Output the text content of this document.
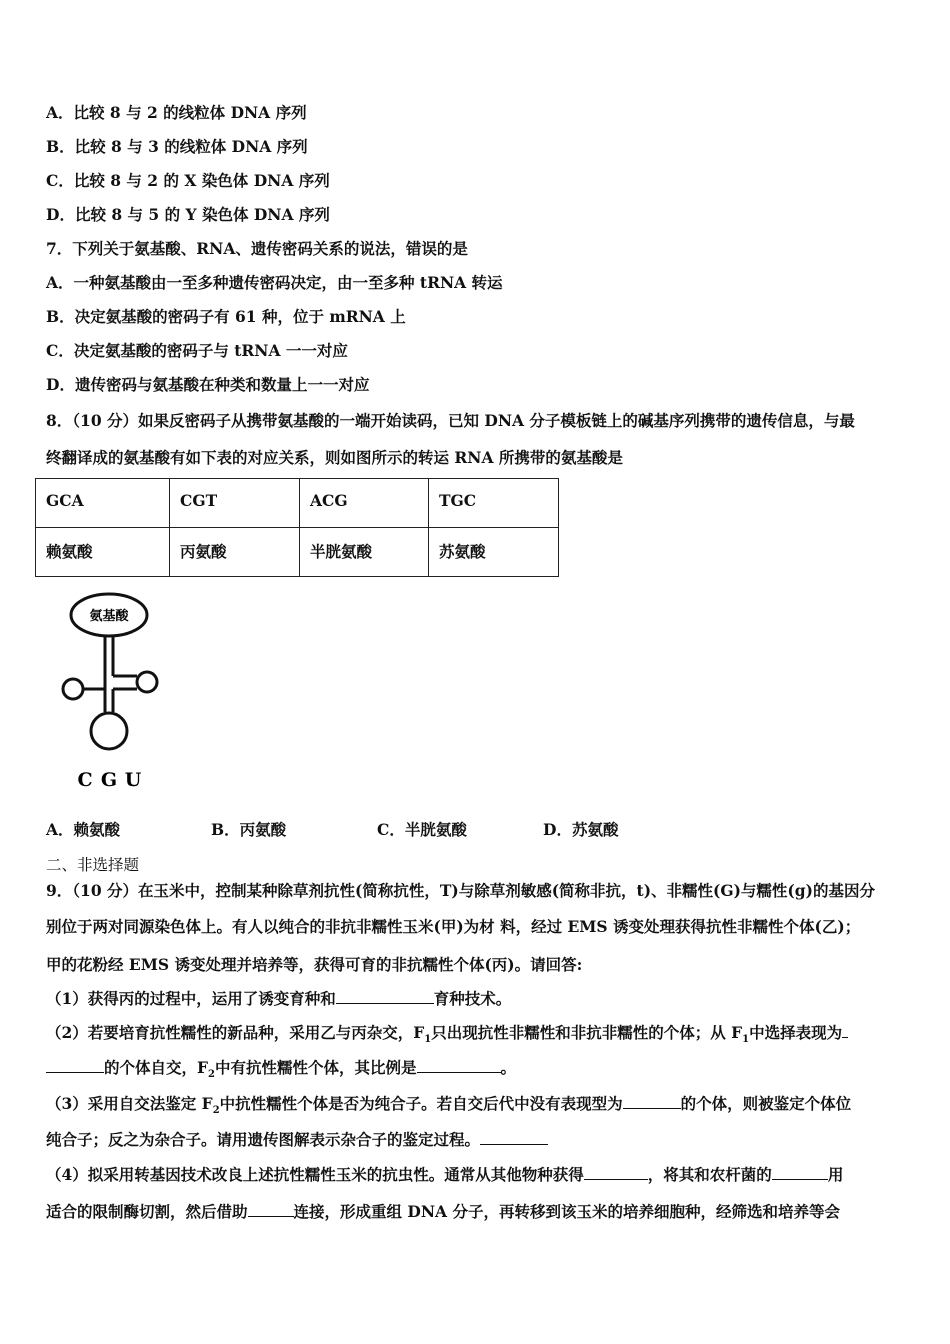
A．比较 8 与 2 的线粒体 DNA 序列
B．比较 8 与 3 的线粒体 DNA 序列
C．比较 8 与 2 的 X 染色体 DNA 序列
D．比较 8 与 5 的 Y 染色体 DNA 序列
7．下列关于氨基酸、RNA、遗传密码关系的说法，错误的是
A．一种氨基酸由一至多种遗传密码决定，由一至多种 tRNA 转运
B．决定氨基酸的密码子有 61 种，位于 mRNA 上
C．决定氨基酸的密码子与 tRNA 一一对应
D．遗传密码与氨基酸在种类和数量上一一对应
8．（10 分）如果反密码子从携带氨基酸的一端开始读码，已知 DNA 分子模板链上的碱基序列携带的遗传信息，与最
终翻译成的氨基酸有如下表的对应关系，则如图所示的转运 RNA 所携带的氨基酸是
GCA	CGT	ACG	TGC
赖氨酸	丙氨酸	半胱氨酸	苏氨酸
氨基酸
C G U
A．赖氨酸	B．丙氨酸	C．半胱氨酸	D．苏氨酸
二、非选择题
9．（10 分）在玉米中，控制某种除草剂抗性(简称抗性，T)与除草剂敏感(简称非抗，t)、非糯性(G)与糯性(g)的基因分
别位于两对同源染色体上。有人以纯合的非抗非糯性玉米(甲)为材 料，经过 EMS 诱变处理获得抗性非糯性个体(乙)；
甲的花粉经 EMS 诱变处理并培养等，获得可育的非抗糯性个体(丙)。请回答:
（1）获得丙的过程中，运用了诱变育种和	育种技术。
（2）若要培育抗性糯性的新品种，采用乙与丙杂交，$F_1$只出现抗性非糯性和非抗非糯性的个体；从 $F_1$中选择表现为
的个体自交，$F_2$中有抗性糯性个体，其比例是	。
（3）采用自交法鉴定 $F_2$中抗性糯性个体是否为纯合子。若自交后代中没有表现型为	的个体，则被鉴定个体位
纯合子；反之为杂合子。请用遗传图解表示杂合子的鉴定过程。
（4）拟采用转基因技术改良上述抗性糯性玉米的抗虫性。通常从其他物种获得	，将其和农杆菌的	用
适合的限制酶切割，然后借助	连接，形成重组 DNA 分子，再转移到该玉米的培养细胞种，经筛选和培养等会
